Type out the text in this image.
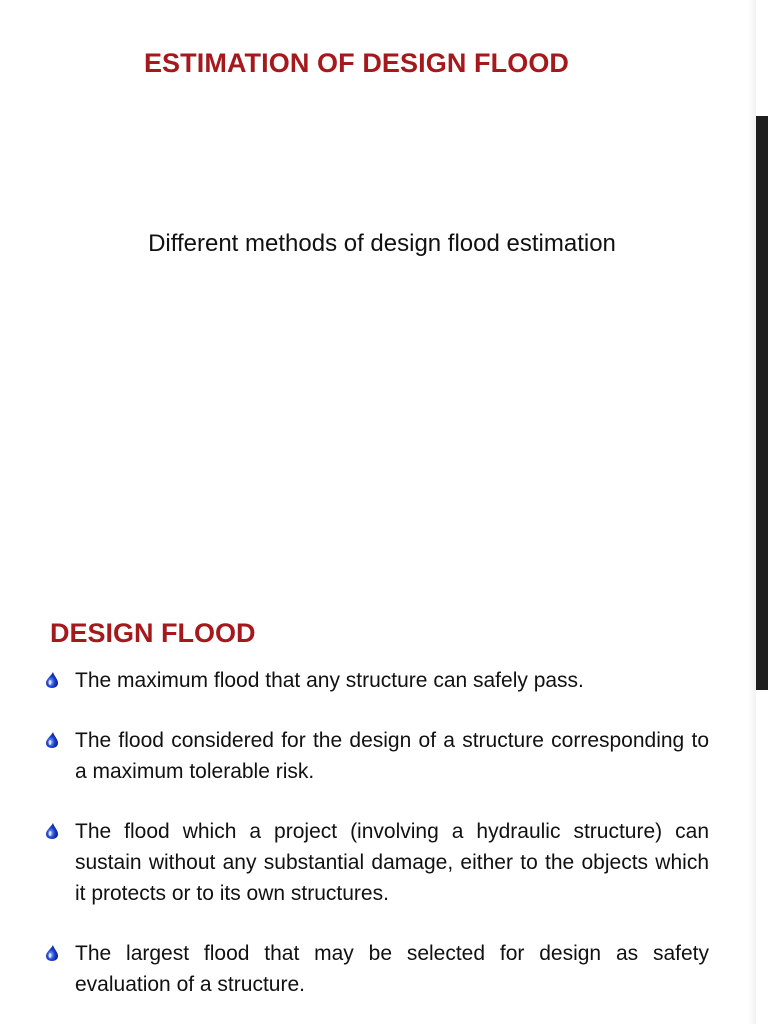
ESTIMATION OF DESIGN FLOOD
Different methods of design flood estimation
DESIGN FLOOD
The maximum flood that any structure can safely pass.
The flood considered for the design of a structure corresponding to a maximum tolerable risk.
The flood which a project (involving a hydraulic structure) can sustain without any substantial damage, either to the objects which it protects or to its own structures.
The largest flood that may be selected for design as safety evaluation of a structure.
